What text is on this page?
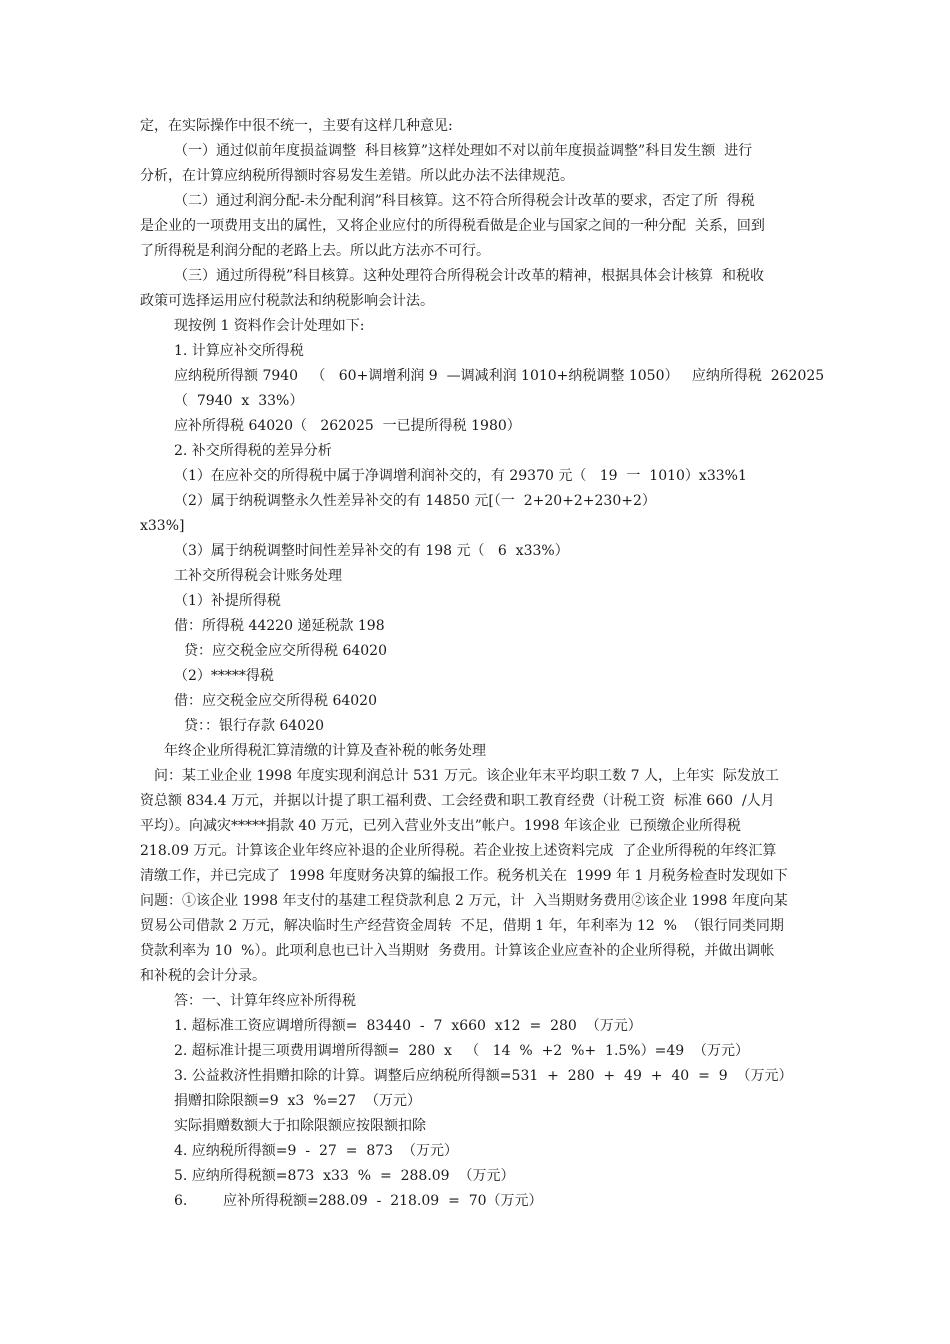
定，在实际操作中很不统一，主要有这样几种意见:
（一）通过似前年度损益调整  科目核算”这样处理如不对以前年度损益调整”科目发生额  进行
分析，在计算应纳税所得额时容易发生差错。所以此办法不法律规范。
（二）通过利润分配-未分配利润”科目核算。这不符合所得税会计改革的要求，否定了所  得税
是企业的一项费用支出的属性，又将企业应付的所得税看做是企业与国家之间的一种分配  关系，回到
了所得税是利润分配的老路上去。所以此方法亦不可行。
（三）通过所得税”科目核算。这种处理符合所得税会计改革的精神，根据具体会计核算  和税收
政策可选择运用应付税款法和纳税影响会计法。
现按例 1 资料作会计处理如下:
1. 计算应补交所得税
应纳税所得额 7940   （   60+调增利润 9  —调减利润 1010+纳税调整 1050）   应纳所得税  262025
（  7940  x  33%）
应补所得税 64020（   262025  一已提所得税 1980）
2. 补交所得税的差异分析
（1）在应补交的所得税中属于净调增利润补交的，有 29370 元（   19  一  1010）x33%1
（2）属于纳税调整永久性差异补交的有 14850 元[（一  2+20+2+230+2）
x33%]
（3）属于纳税调整时间性差异补交的有 198 元（   6  x33%）
工补交所得税会计账务处理
（1）补提所得税
借：所得税 44220 递延税款 198
贷：应交税金应交所得税 64020
（2）*****得税
借：应交税金应交所得税 64020
贷：：银行存款 64020
年终企业所得税汇算清缴的计算及查补税的帐务处理
问：某工业企业 1998 年度实现利润总计 531 万元。该企业年末平均职工数 7 人，上年实  际发放工
资总额 834.4 万元，并据以计提了职工福利费、工会经费和职工教育经费（计税工资  标准 660  /人月
平均）。向减灾*****捐款 40 万元，已列入营业外支出”帐户。1998 年该企业  已预缴企业所得税
218.09 万元。计算该企业年终应补退的企业所得税。若企业按上述资料完成  了企业所得税的年终汇算
清缴工作，并已完成了  1998 年度财务决算的编报工作。税务机关在  1999 年 1 月税务检查时发现如下
问题：①该企业 1998 年支付的基建工程贷款利息 2 万元，计  入当期财务费用②该企业 1998 年度向某
贸易公司借款 2 万元，解决临时生产经营资金周转  不足，借期 1 年，年利率为 12  %  （银行同类同期
贷款利率为 10  %）。此项利息也已计入当期财  务费用。计算该企业应查补的企业所得税，并做出调帐
和补税的会计分录。
答：一、计算年终应补所得税
1. 超标准工资应调增所得额=  83440  -  7  x660  x12  =  280  （万元）
2. 超标准计提三项费用调增所得额=  280  x   （   14  %  +2  %+  1.5%）=49  （万元）
3. 公益救济性捐赠扣除的计算。调整后应纳税所得额=531  +  280  +  49  +  40  =  9  （万元）
捐赠扣除限额=9  x3  %=27  （万元）
实际捐赠数额大于扣除限额应按限额扣除
4. 应纳税所得额=9  -  27  =  873  （万元）
5. 应纳所得税额=873  x33  %  =  288.09  （万元）
6.        应补所得税额=288.09  -  218.09  =  70（万元）
